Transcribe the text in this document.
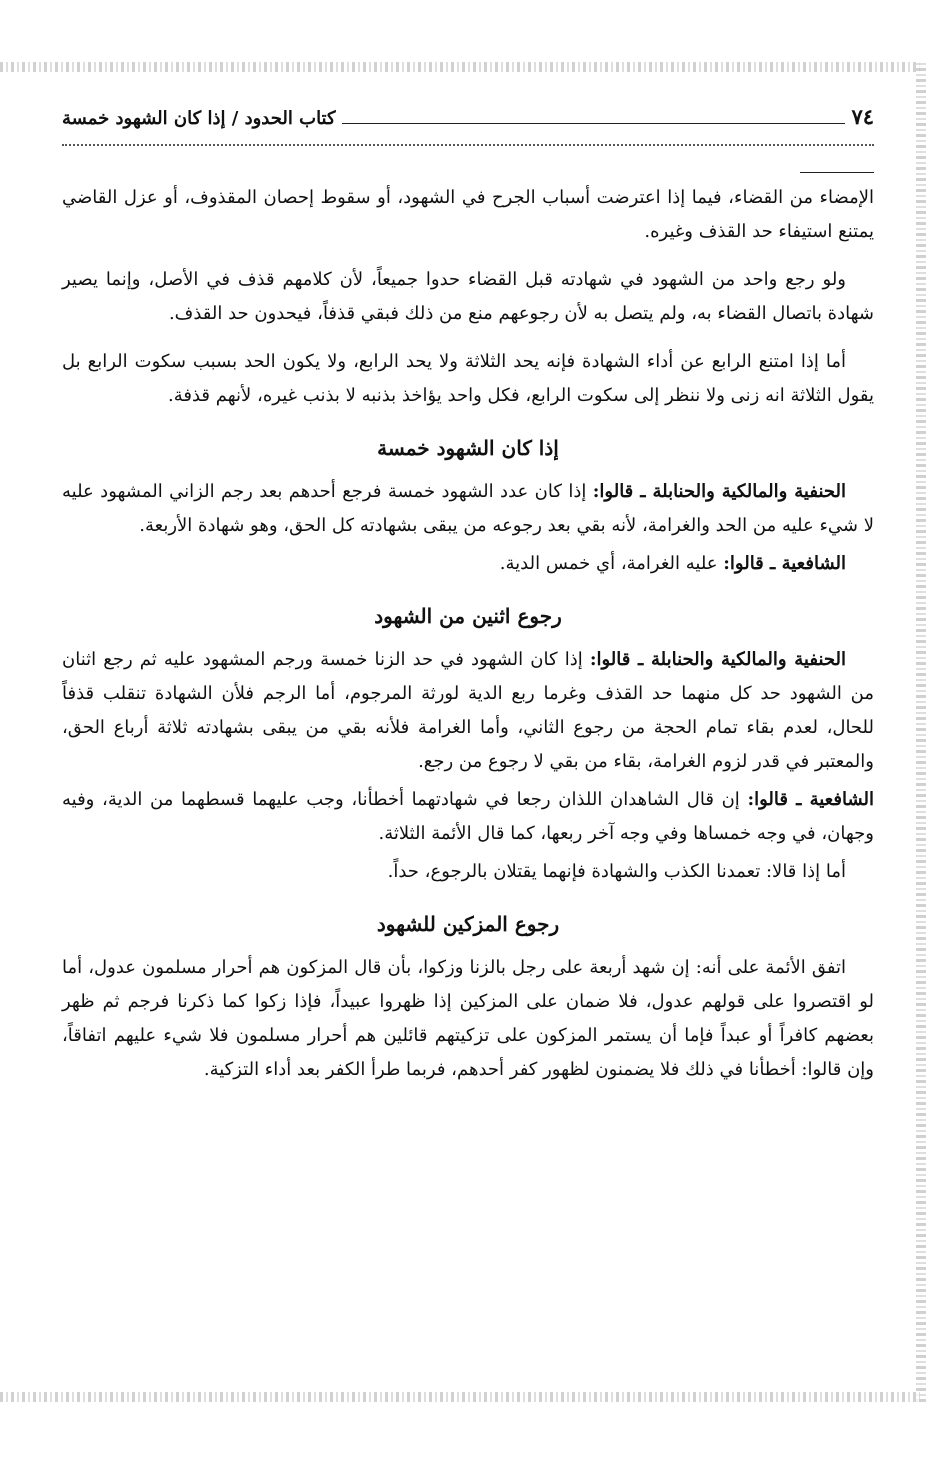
٧٤
كتاب الحدود / إذا كان الشهود خمسة

الإمضاء من القضاء، فيما إذا اعترضت أسباب الجرح في الشهود، أو سقوط إحصان المقذوف، أو عزل القاضي يمتنع استيفاء حد القذف وغيره.

ولو رجع واحد من الشهود في شهادته قبل القضاء حدوا جميعاً، لأن كلامهم قذف في الأصل، وإنما يصير شهادة باتصال القضاء به، ولم يتصل به لأن رجوعهم منع من ذلك فبقي قذفاً، فيحدون حد القذف.

أما إذا امتنع الرابع عن أداء الشهادة فإنه يحد الثلاثة ولا يحد الرابع، ولا يكون الحد بسبب سكوت الرابع بل يقول الثلاثة انه زنى ولا ننظر إلى سكوت الرابع، فكل واحد يؤاخذ بذنبه لا بذنب غيره، لأنهم قذفة.

إذا كان الشهود خمسة

الحنفية والمالكية والحنابلة ـ قالوا: إذا كان عدد الشهود خمسة فرجع أحدهم بعد رجم الزاني المشهود عليه لا شيء عليه من الحد والغرامة، لأنه بقي بعد رجوعه من يبقى بشهادته كل الحق، وهو شهادة الأربعة.

الشافعية ـ قالوا: عليه الغرامة، أي خمس الدية.

رجوع اثنين من الشهود

الحنفية والمالكية والحنابلة ـ قالوا: إذا كان الشهود في حد الزنا خمسة ورجم المشهود عليه ثم رجع اثنان من الشهود حد كل منهما حد القذف وغرما ربع الدية لورثة المرجوم، أما الرجم فلأن الشهادة تنقلب قذفاً للحال، لعدم بقاء تمام الحجة من رجوع الثاني، وأما الغرامة فلأنه بقي من يبقى بشهادته ثلاثة أرباع الحق، والمعتبر في قدر لزوم الغرامة، بقاء من بقي لا رجوع من رجع.

الشافعية ـ قالوا: إن قال الشاهدان اللذان رجعا في شهادتهما أخطأنا، وجب عليهما قسطهما من الدية، وفيه وجهان، في وجه خمساها وفي وجه آخر ربعها، كما قال الأئمة الثلاثة.

أما إذا قالا: تعمدنا الكذب والشهادة فإنهما يقتلان بالرجوع، حداً.

رجوع المزكين للشهود

اتفق الأئمة على أنه: إن شهد أربعة على رجل بالزنا وزكوا، بأن قال المزكون هم أحرار مسلمون عدول، أما لو اقتصروا على قولهم عدول، فلا ضمان على المزكين إذا ظهروا عبيداً، فإذا زكوا كما ذكرنا فرجم ثم ظهر بعضهم كافراً أو عبداً فإما أن يستمر المزكون على تزكيتهم قائلين هم أحرار مسلمون فلا شيء عليهم اتفاقاً، وإن قالوا: أخطأنا في ذلك فلا يضمنون لظهور كفر أحدهم، فربما طرأ الكفر بعد أداء التزكية.
